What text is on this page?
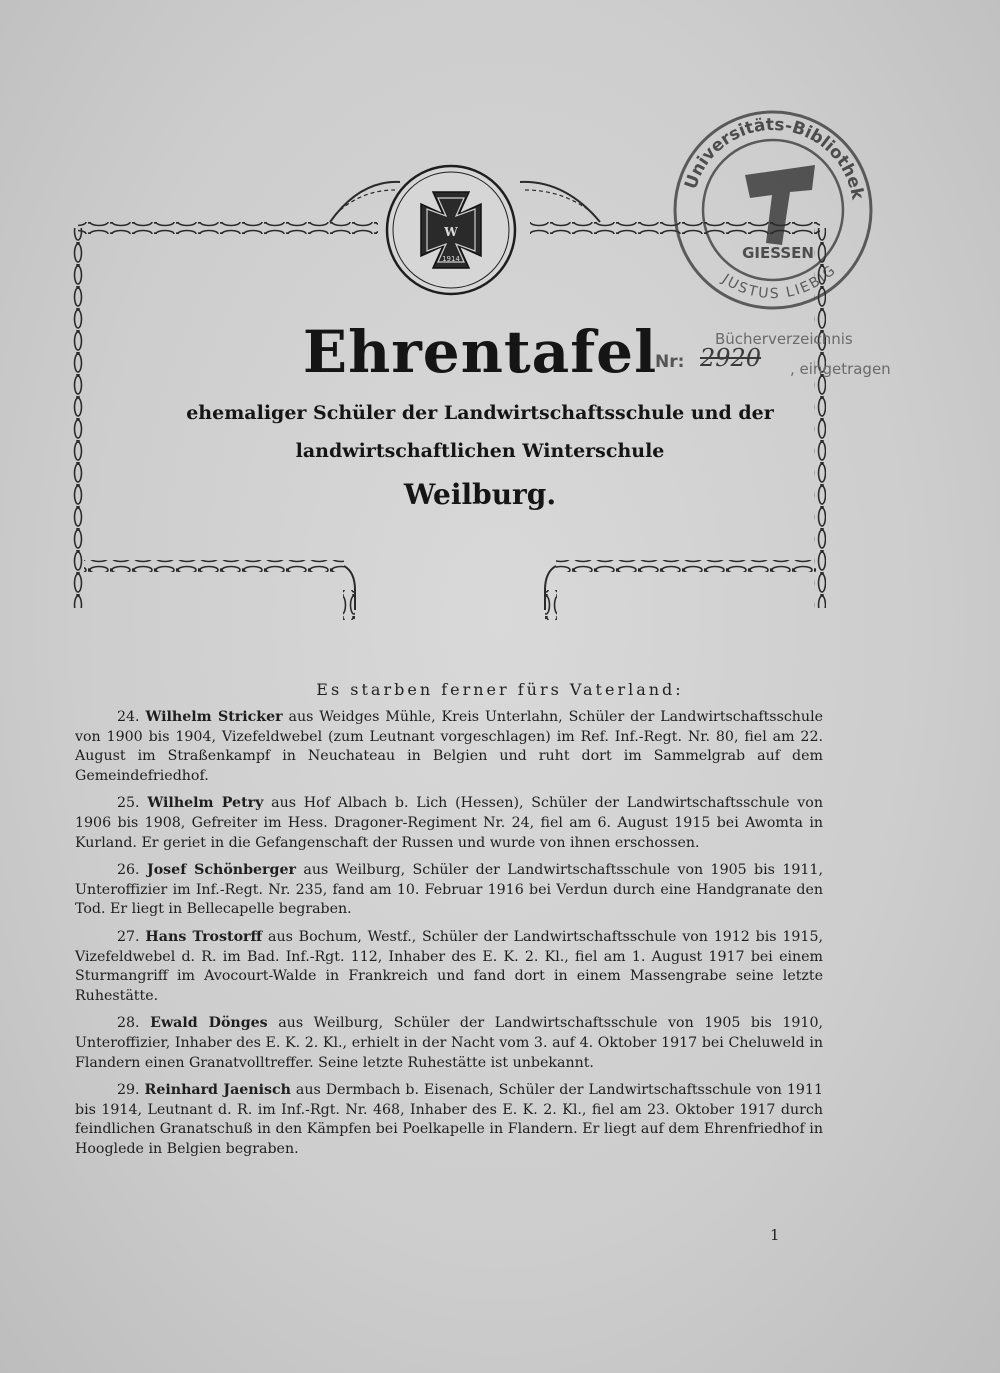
W
1914
Universitäts-Bibliothek
JUSTUS LIEBIG
GIESSEN
Bücherverzeichnis
Nr: 2920 , eingetragen
Ehrentafel
ehemaliger Schüler der Landwirtschaftsschule und der
landwirtschaftlichen Winterschule
Weilburg.
Es starben ferner fürs Vaterland:

24. Wilhelm Stricker aus Weidges Mühle, Kreis Unterlahn, Schüler der Landwirtschaftsschule von 1900 bis 1904, Vizefeldwebel (zum Leutnant vorgeschlagen) im Ref. Inf.-Regt. Nr. 80, fiel am 22. August im Straßenkampf in Neuchateau in Belgien und ruht dort im Sammelgrab auf dem Gemeindefriedhof.

25. Wilhelm Petry aus Hof Albach b. Lich (Hessen), Schüler der Landwirtschaftsschule von 1906 bis 1908, Gefreiter im Hess. Dragoner-Regiment Nr. 24, fiel am 6. August 1915 bei Awomta in Kurland. Er geriet in die Gefangenschaft der Russen und wurde von ihnen erschossen.

26. Josef Schönberger aus Weilburg, Schüler der Landwirtschaftsschule von 1905 bis 1911, Unteroffizier im Inf.-Regt. Nr. 235, fand am 10. Februar 1916 bei Verdun durch eine Handgranate den Tod. Er liegt in Bellecapelle begraben.

27. Hans Trostorff aus Bochum, Westf., Schüler der Landwirtschaftsschule von 1912 bis 1915, Vizefeldwebel d. R. im Bad. Inf.-Rgt. 112, Inhaber des E. K. 2. Kl., fiel am 1. August 1917 bei einem Sturmangriff im Avocourt-Walde in Frankreich und fand dort in einem Massengrabe seine letzte Ruhestätte.

28. Ewald Dönges aus Weilburg, Schüler der Landwirtschaftsschule von 1905 bis 1910, Unteroffizier, Inhaber des E. K. 2. Kl., erhielt in der Nacht vom 3. auf 4. Oktober 1917 bei Cheluweld in Flandern einen Granatvolltreffer. Seine letzte Ruhestätte ist unbekannt.

29. Reinhard Jaenisch aus Dermbach b. Eisenach, Schüler der Landwirtschaftsschule von 1911 bis 1914, Leutnant d. R. im Inf.-Rgt. Nr. 468, Inhaber des E. K. 2. Kl., fiel am 23. Oktober 1917 durch feindlichen Granatschuß in den Kämpfen bei Poelkapelle in Flandern. Er liegt auf dem Ehrenfriedhof in Hooglede in Belgien begraben.

1
